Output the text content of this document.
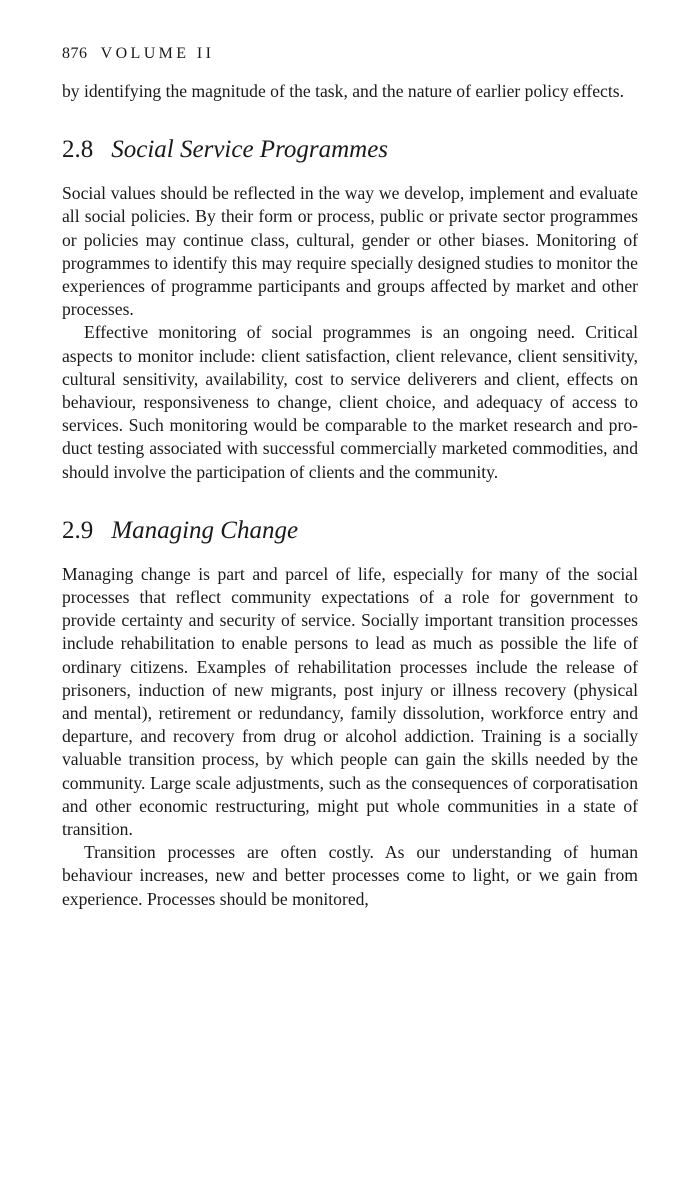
876 VOLUME II

by identifying the magnitude of the task, and the nature of earlier policy effects.

2.8 Social Service Programmes

Social values should be reflected in the way we develop, implement and evaluate all social policies. By their form or process, public or private sector programmes or policies may continue class, cultural, gender or other biases. Monitoring of programmes to identify this may require specially designed studies to monitor the experiences of programme participants and groups affected by market and other processes.

Effective monitoring of social programmes is an ongoing need. Critical aspects to monitor include: client satisfaction, client relevance, client sensitivity, cultural sensitivity, availability, cost to service deliverers and client, effects on behaviour, responsiveness to change, client choice, and adequacy of access to services. Such monitoring would be comparable to the market research and product testing associated with successful commercially marketed commodities, and should involve the participation of clients and the community.

2.9 Managing Change

Managing change is part and parcel of life, especially for many of the social processes that reflect community expectations of a role for government to provide certainty and security of service. Socially important transition processes include rehabilitation to enable persons to lead as much as possible the life of ordinary citizens. Examples of rehabilitation processes include the release of prisoners, induction of new migrants, post injury or illness recovery (physical and mental), retirement or redundancy, family dissolution, workforce entry and departure, and recovery from drug or alcohol addiction. Training is a socially valuable transition process, by which people can gain the skills needed by the community. Large scale adjustments, such as the consequences of corporatisation and other economic restructuring, might put whole communities in a state of transition.

Transition processes are often costly. As our understanding of human behaviour increases, new and better processes come to light, or we gain from experience. Processes should be monitored,
